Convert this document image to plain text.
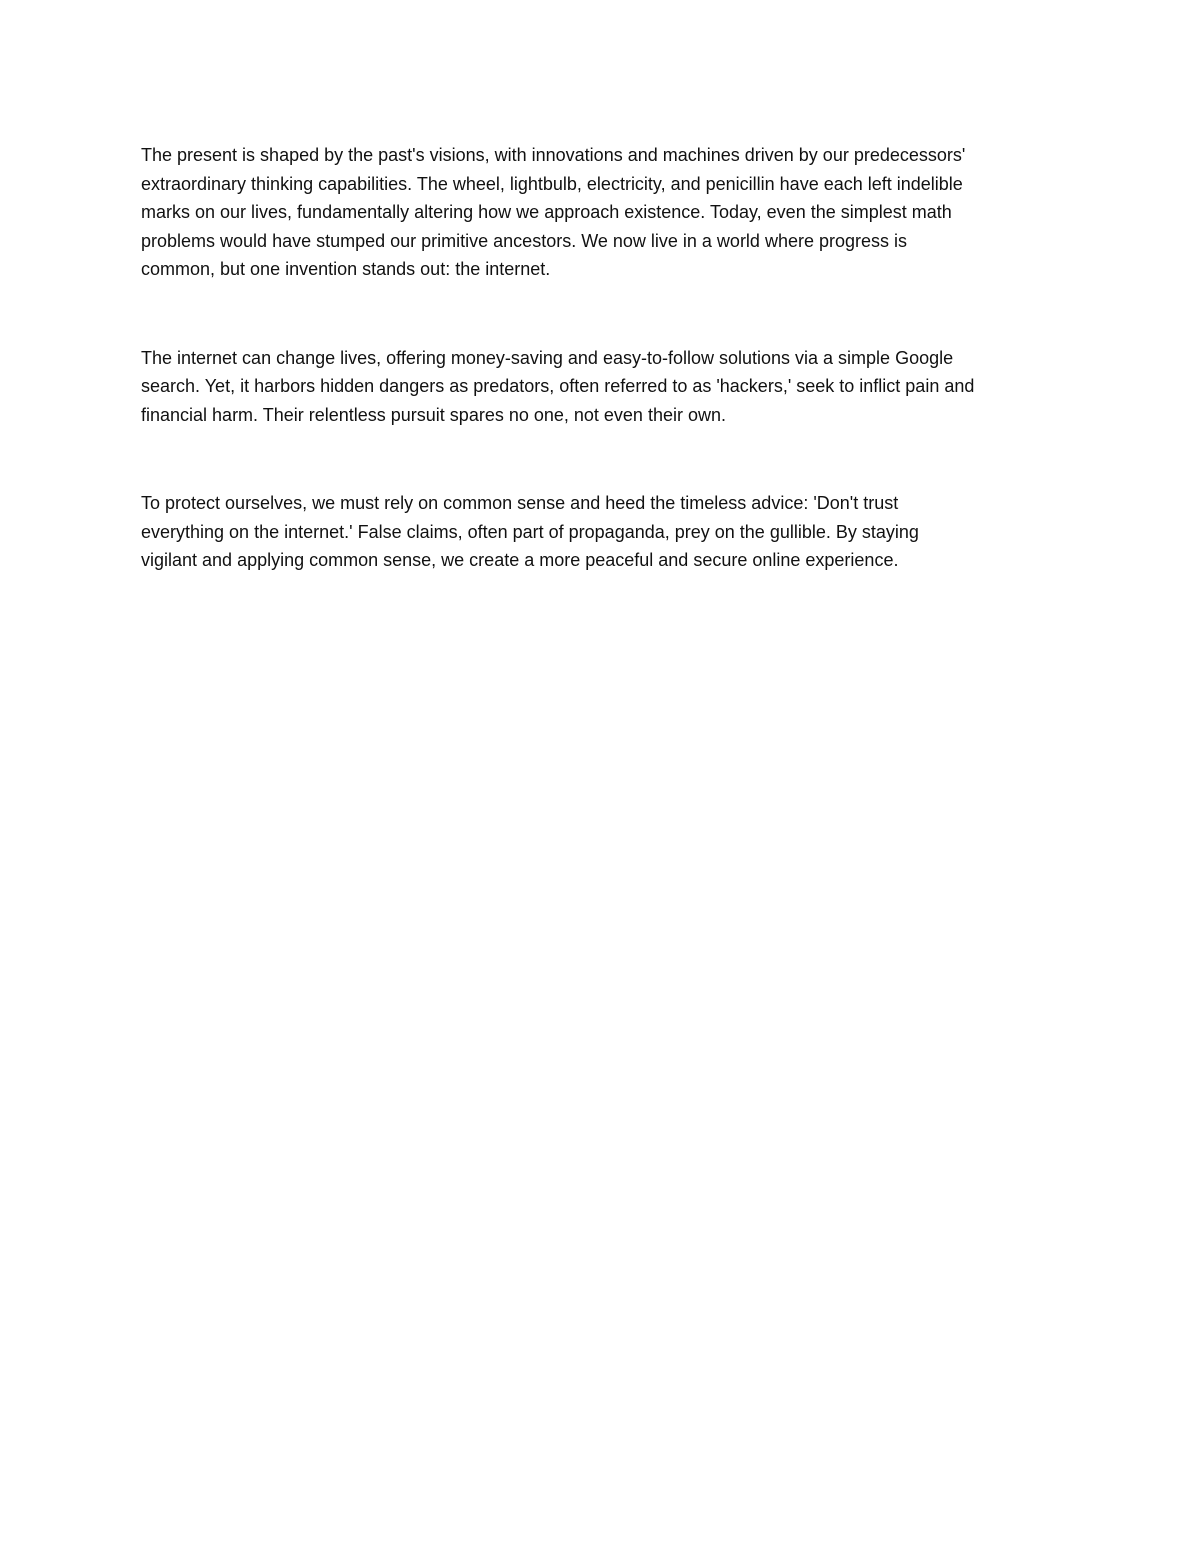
The present is shaped by the past's visions, with innovations and machines driven by our predecessors'
extraordinary thinking capabilities. The wheel, lightbulb, electricity, and penicillin have each left indelible
marks on our lives, fundamentally altering how we approach existence. Today, even the simplest math
problems would have stumped our primitive ancestors. We now live in a world where progress is
common, but one invention stands out: the internet.

The internet can change lives, offering money-saving and easy-to-follow solutions via a simple Google
search. Yet, it harbors hidden dangers as predators, often referred to as 'hackers,' seek to inflict pain and
financial harm. Their relentless pursuit spares no one, not even their own.

To protect ourselves, we must rely on common sense and heed the timeless advice: 'Don't trust
everything on the internet.' False claims, often part of propaganda, prey on the gullible. By staying
vigilant and applying common sense, we create a more peaceful and secure online experience.
